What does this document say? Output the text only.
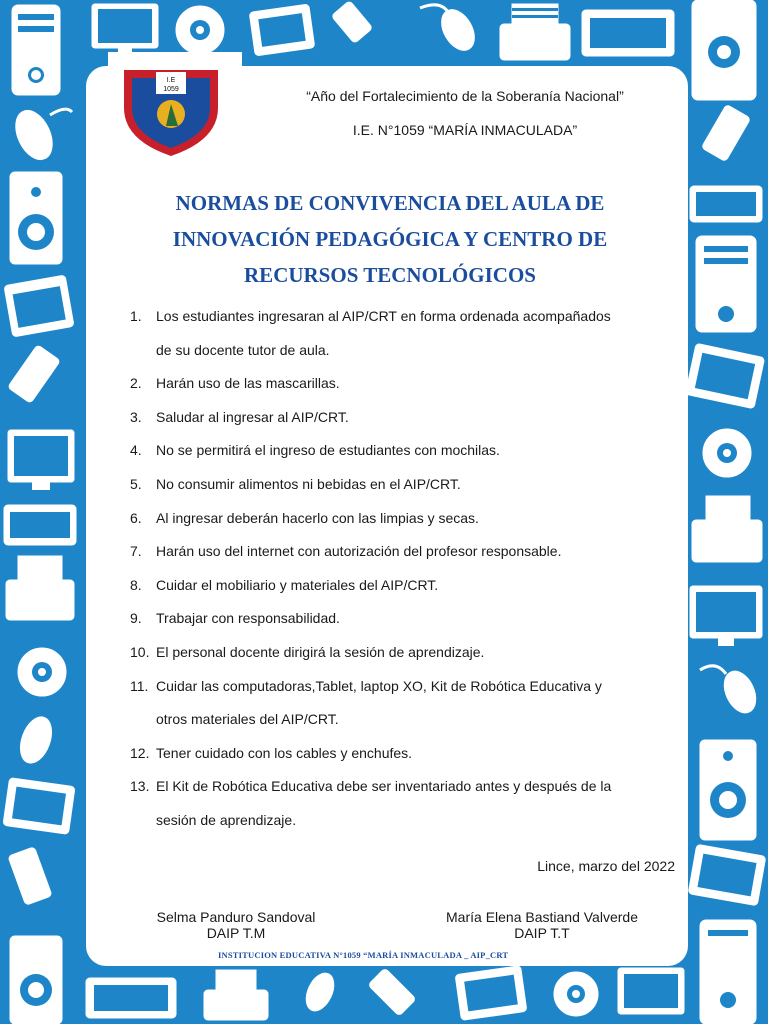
I.E
1059	“Año del Fortalecimiento de la Soberanía Nacional”
I.E. N°1059 “MARÍA INMACULADA”
NORMAS DE CONVIVENCIA DEL AULA DE
INNOVACIÓN PEDAGÓGICA Y CENTRO DE
RECURSOS TECNOLÓGICOS
1. Los estudiantes ingresaran al AIP/CRT en forma ordenada acompañados
de su docente tutor de aula.
2. Harán uso de las mascarillas.
3. Saludar al ingresar al AIP/CRT.
4. No se permitirá el ingreso de estudiantes con mochilas.
5. No consumir alimentos ni bebidas en el AIP/CRT.
6. Al ingresar deberán hacerlo con las limpias y secas.
7. Harán uso del internet con autorización del profesor responsable.
8. Cuidar el mobiliario y materiales del AIP/CRT.
9. Trabajar con responsabilidad.
10. El personal docente dirigirá la sesión de aprendizaje.
11. Cuidar las computadoras,Tablet, laptop XO, Kit de Robótica Educativa y
otros materiales del AIP/CRT.
12. Tener cuidado con los cables y enchufes.
13. El Kit de Robótica Educativa debe ser inventariado antes y después de la
sesión de aprendizaje.
Lince, marzo del 2022
Selma Panduro Sandoval
DAIP T.M
María Elena Bastiand Valverde
DAIP T.T
INSTITUCION EDUCATIVA N°1059 “MARÍA INMACULADA _ AIP_CRT
